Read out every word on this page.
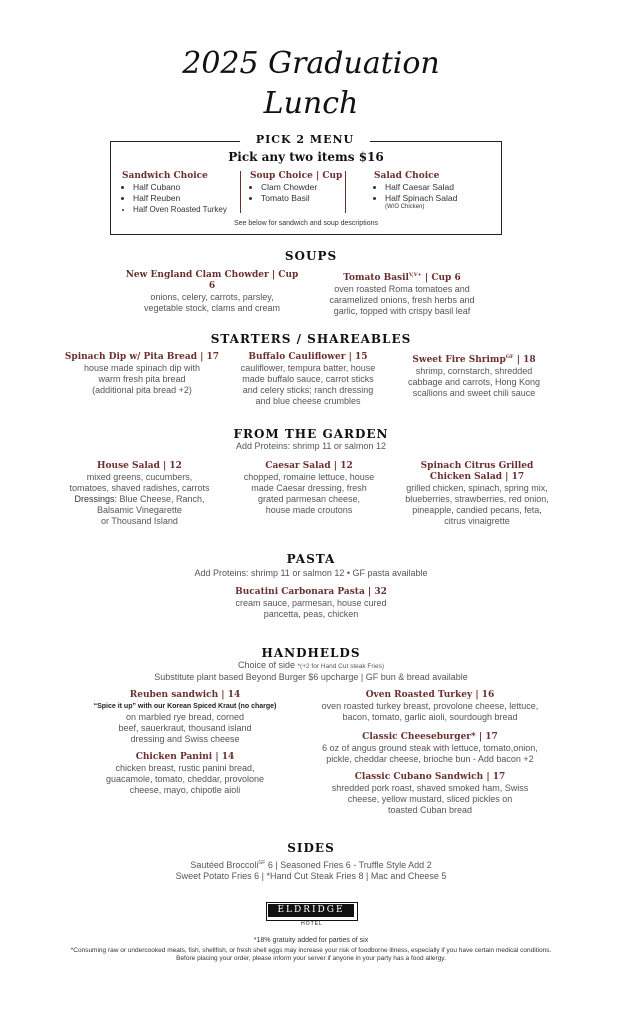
2025 Graduation
Lunch
PICK 2 MENU
Pick any two items $16
Sandwich Choice
• Half Cubano
• Half Reuben
• Half Oven Roasted Turkey
Soup Choice | Cup
• Clam Chowder
• Tomato Basil
Salad Choice
• Half Caesar Salad
• Half Spinach Salad
(W/O Chicken)
See below for sandwich and soup descriptions
SOUPS
New England Clam Chowder | Cup 6
onions, celery, carrots, parsley,
vegetable stock, clams and cream
Tomato Basil$^{V,V+}$ | Cup 6
oven roasted Roma tomatoes and
caramelized onions, fresh herbs and
garlic, topped with crispy basil leaf
STARTERS / SHAREABLES
Spinach Dip w/ Pita Bread | 17
house made spinach dip with
warm fresh pita bread
(additional pita bread +2)
Buffalo Cauliflower | 15
cauliflower, tempura batter, house
made buffalo sauce, carrot sticks
and celery sticks; ranch dressing
and blue cheese crumbles
Sweet Fire Shrimp$^{GF}$ | 18
shrimp, cornstarch, shredded
cabbage and carrots, Hong Kong
scallions and sweet chili sauce
FROM THE GARDEN
Add Proteins: shrimp 11 or salmon 12
House Salad | 12
mixed greens, cucumbers,
tomatoes, shaved radishes, carrots
Dressings: Blue Cheese, Ranch,
Balsamic Vinegarette
or Thousand Island
Caesar Salad | 12
chopped, romaine lettuce, house
made Caesar dressing, fresh
grated parmesan cheese,
house made croutons
Spinach Citrus Grilled
Chicken Salad | 17
grilled chicken, spinach, spring mix,
blueberries, strawberries, red onion,
pineapple, candied pecans, feta,
citrus vinaigrette
PASTA
Add Proteins: shrimp 11 or salmon 12 • GF pasta available
Bucatini Carbonara Pasta | 32
cream sauce, parmesan, house cured
pancetta, peas, chicken
HANDHELDS
Choice of side *(+2 for Hand Cut steak Fries)
Substitute plant based Beyond Burger $6 upcharge | GF bun & bread available
Reuben sandwich | 14
“Spice it up” with our Korean Spiced Kraut (no charge)
on marbled rye bread, corned
beef, sauerkraut, thousand island
dressing and Swiss cheese
Chicken Panini | 14
chicken breast, rustic panini bread,
guacamole, tomato, cheddar, provolone
cheese, mayo, chipotle aioli
Oven Roasted Turkey | 16
oven roasted turkey breast, provolone cheese, lettuce,
bacon, tomato, garlic aioli, sourdough bread
Classic Cheeseburger* | 17
6 oz of angus ground steak with lettuce, tomato,onion,
pickle, cheddar cheese, brioche bun - Add bacon +2
Classic Cubano Sandwich | 17
shredded pork roast, shaved smoked ham, Swiss
cheese, yellow mustard, sliced pickles on
toasted Cuban bread
SIDES
Sautéed Broccoli$^{GF}$ 6 | Seasoned Fries 6 - Truffle Style Add 2
Sweet Potato Fries 6 | *Hand Cut Steak Fries 8 | Mac and Cheese 5
ELDRIDGE
HOTEL
*18% gratuity added for parties of six
*Consuming raw or undercooked meats, fish, shellfish, or fresh shell eggs may increase your risk of foodborne illness, especially if you have certain medical conditions. Before placing your order, please inform your server if anyone in your party has a food allergy.
